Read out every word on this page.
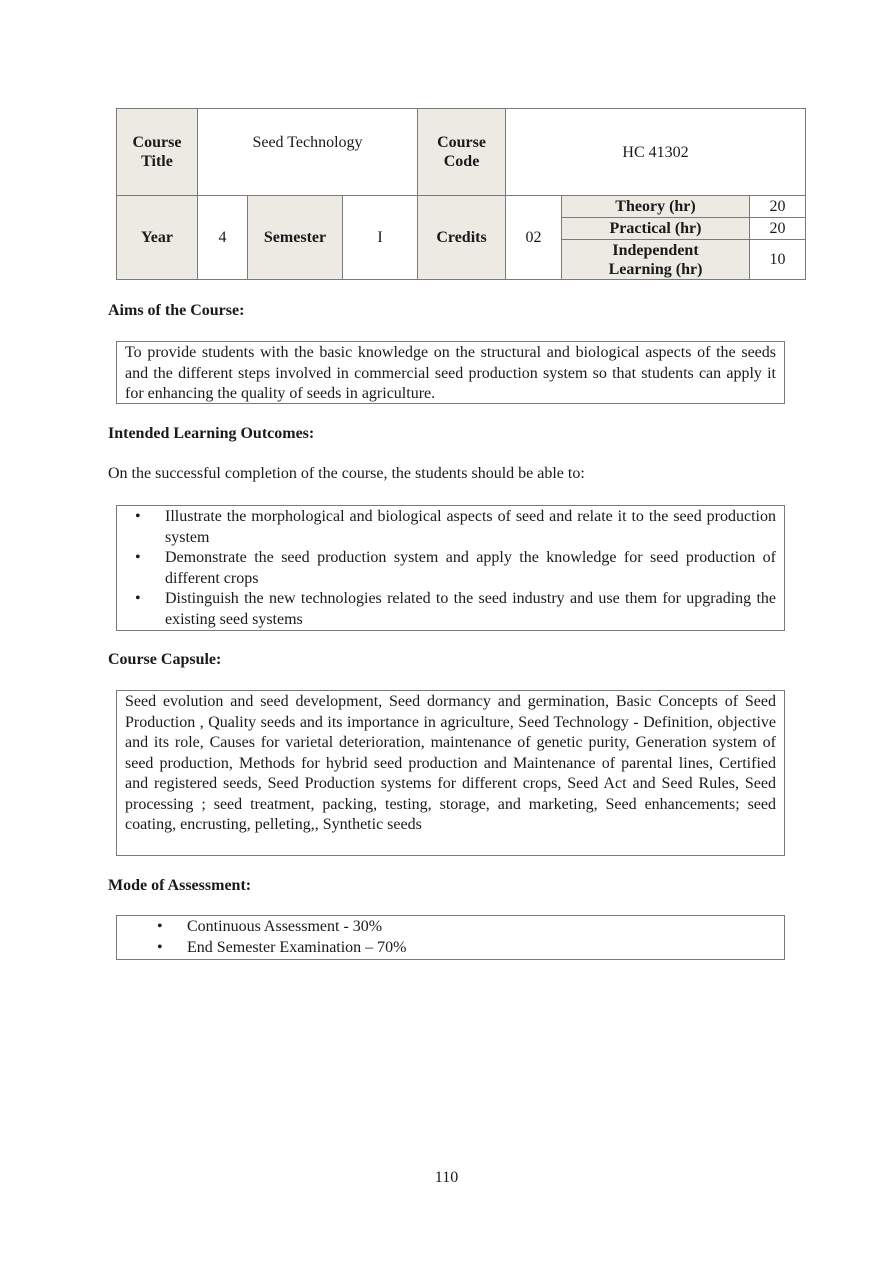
Course Title	Seed Technology			Course Code	HC 41302		
Year	4	Semester	I	Credits	02	Theory (hr)	20
						Practical (hr)	20
						Independent Learning (hr)	10
Aims of the Course:
To provide students with the basic knowledge on the structural and biological aspects of the seeds and the different steps involved in commercial seed production system so that students can apply it for enhancing the quality of seeds in agriculture.
Intended Learning Outcomes:
On the successful completion of the course, the students should be able to:
• Illustrate the morphological and biological aspects of seed and relate it to the seed production system
• Demonstrate the seed production system and apply the knowledge for seed production of different crops
• Distinguish the new technologies related to the seed industry and use them for upgrading the existing seed systems
Course Capsule:
Seed evolution and seed development, Seed dormancy and germination, Basic Concepts of Seed Production , Quality seeds and its importance in agriculture, Seed Technology - Definition, objective and its role, Causes for varietal deterioration, maintenance of genetic purity, Generation system of seed production, Methods for hybrid seed production and Maintenance of parental lines, Certified and registered seeds, Seed Production systems for different crops, Seed Act and Seed Rules, Seed processing ; seed treatment, packing, testing, storage, and marketing, Seed enhancements; seed coating, encrusting, pelleting,, Synthetic seeds
Mode of Assessment:
• Continuous Assessment - 30%
• End Semester Examination – 70%
110
